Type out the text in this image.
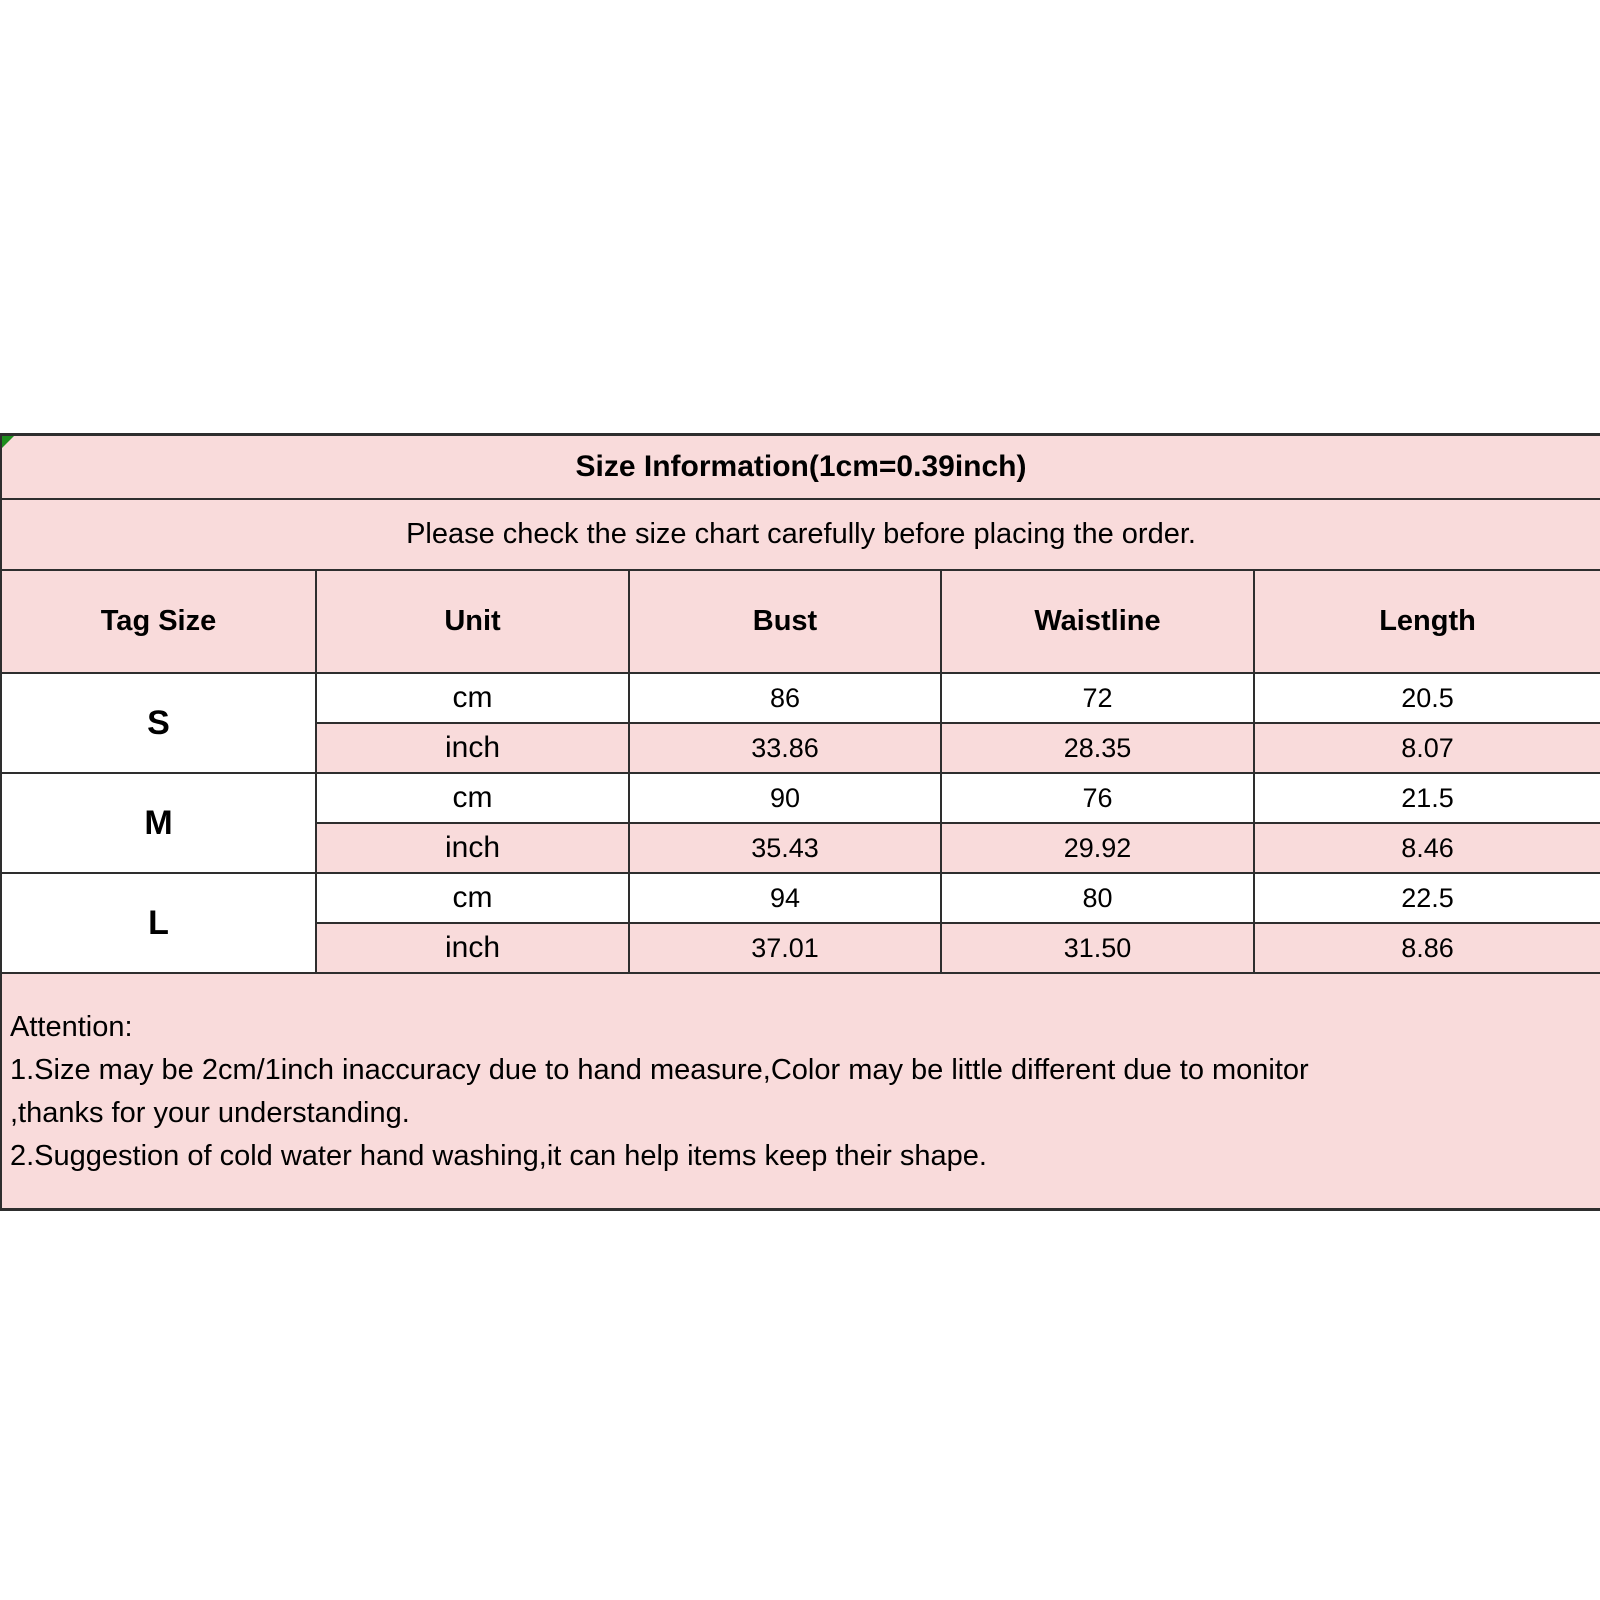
Size Information(1cm=0.39inch)				
Please check the size chart carefully before placing the order.				
Tag Size	Unit	Bust	Waistline	Length
S	cm	86	72	20.5
	inch	33.86	28.35	8.07
M	cm	90	76	21.5
	inch	35.43	29.92	8.46
L	cm	94	80	22.5
	inch	37.01	31.50	8.86

Attention:
1.Size may be 2cm/1inch inaccuracy due to hand measure,Color may be little different due to monitor
,thanks for your understanding.
2.Suggestion of cold water hand washing,it can help items keep their shape.				
